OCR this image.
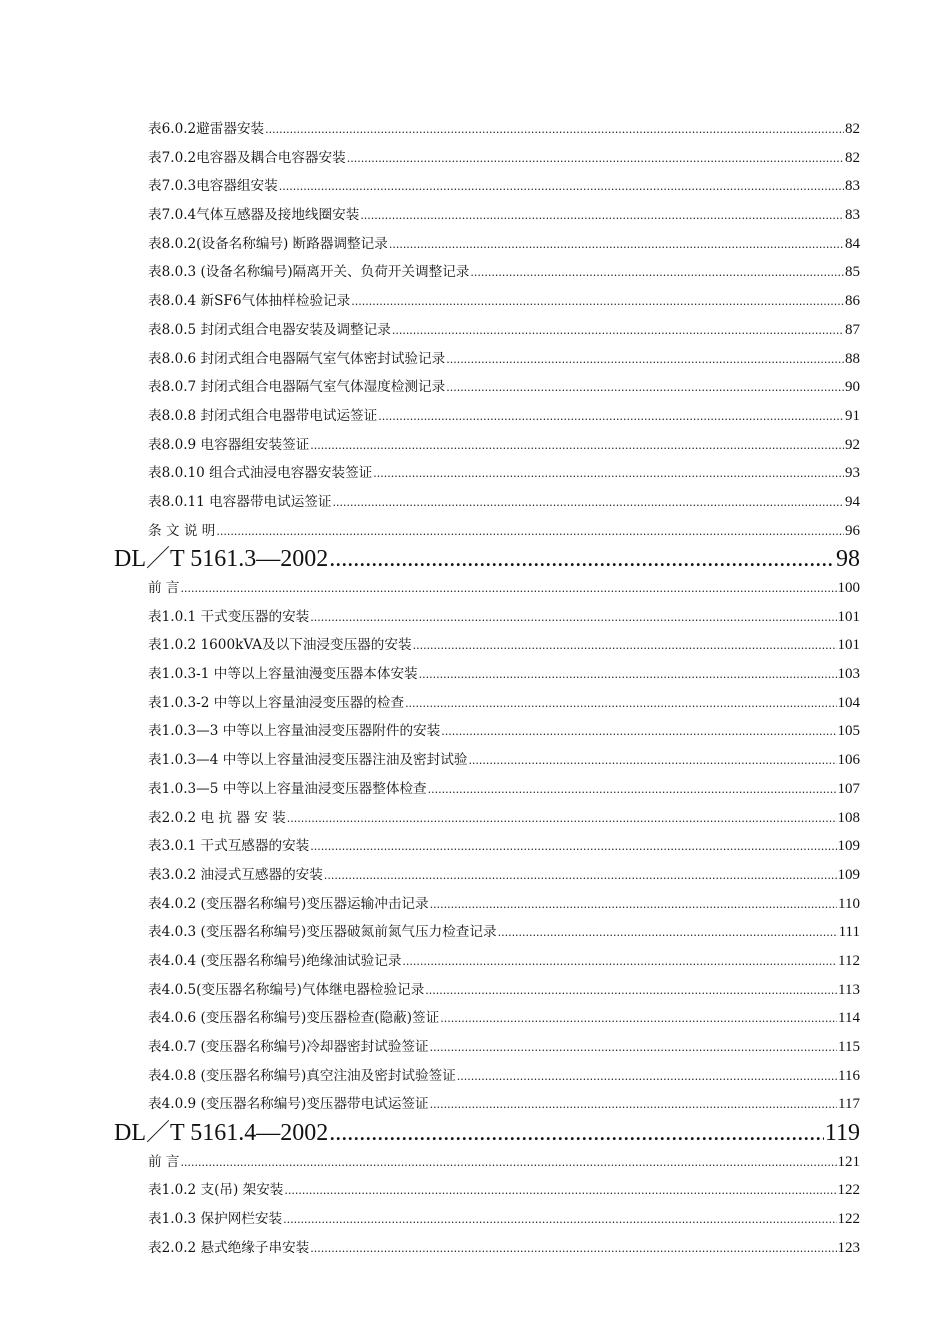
表6.0.2避雷器安装 .....	82
表7.0.2电容器及耦合电容器安装 .....	82
表7.0.3电容器组安装 .....	83
表7.0.4气体互感器及接地线圈安装 .....	83
表8.0.2(设备名称编号) 断路器调整记录 .....	84
表8.0.3 (设备名称编号)隔离开关、负荷开关调整记录 .....	85
表8.0.4 新SF6气体抽样检验记录 .....	86
表8.0.5 封闭式组合电器安装及调整记录 .....	87
表8.0.6 封闭式组合电器隔气室气体密封试验记录 .....	88
表8.0.7 封闭式组合电器隔气室气体湿度检测记录 .....	90
表8.0.8 封闭式组合电器带电试运签证 .....	91
表8.0.9 电容器组安装签证 .....	92
表8.0.10 组合式油浸电容器安装签证 .....	93
表8.0.11 电容器带电试运签证 .....	94
条 文 说 明 .....	96
DL／T 5161.3—2002 .....	98
前 言 .....	100
表1.0.1 干式变压器的安装 .....	101
表1.0.2 1600kVA及以下油浸变压器的安装 .....	101
表1.0.3-1 中等以上容量油漫变压器本体安装 .....	103
表1.0.3-2 中等以上容量油浸变压器的检查 .....	104
表1.0.3—3 中等以上容量油浸变压器附件的安装 .....	105
表1.0.3—4 中等以上容量油浸变压器注油及密封试验 .....	106
表1.0.3—5 中等以上容量油浸变压器整体检查 .....	107
表2.0.2 电 抗 器 安 装 .....	108
表3.0.1 干式互感器的安装 .....	109
表3.0.2 油浸式互感器的安装 .....	109
表4.0.2 (变压器名称编号)变压器运输冲击记录 .....	110
表4.0.3 (变压器名称编号)变压器破氮前氮气压力检查记录 .....	111
表4.0.4 (变压器名称编号)绝缘油试验记录 .....	112
表4.0.5(变压器名称编号)气体继电器检验记录 .....	113
表4.0.6 (变压器名称编号)变压器检查(隐蔽)签证 .....	114
表4.0.7 (变压器名称编号)冷却器密封试验签证 .....	115
表4.0.8 (变压器名称编号)真空注油及密封试验签证 .....	116
表4.0.9 (变压器名称编号)变压器带电试运签证 .....	117
DL／T 5161.4—2002 .....	119
前 言 .....	121
表1.0.2 支(吊) 架安装 .....	122
表1.0.3 保护网栏安装 .....	122
表2.0.2 悬式绝缘子串安装 .....	123
